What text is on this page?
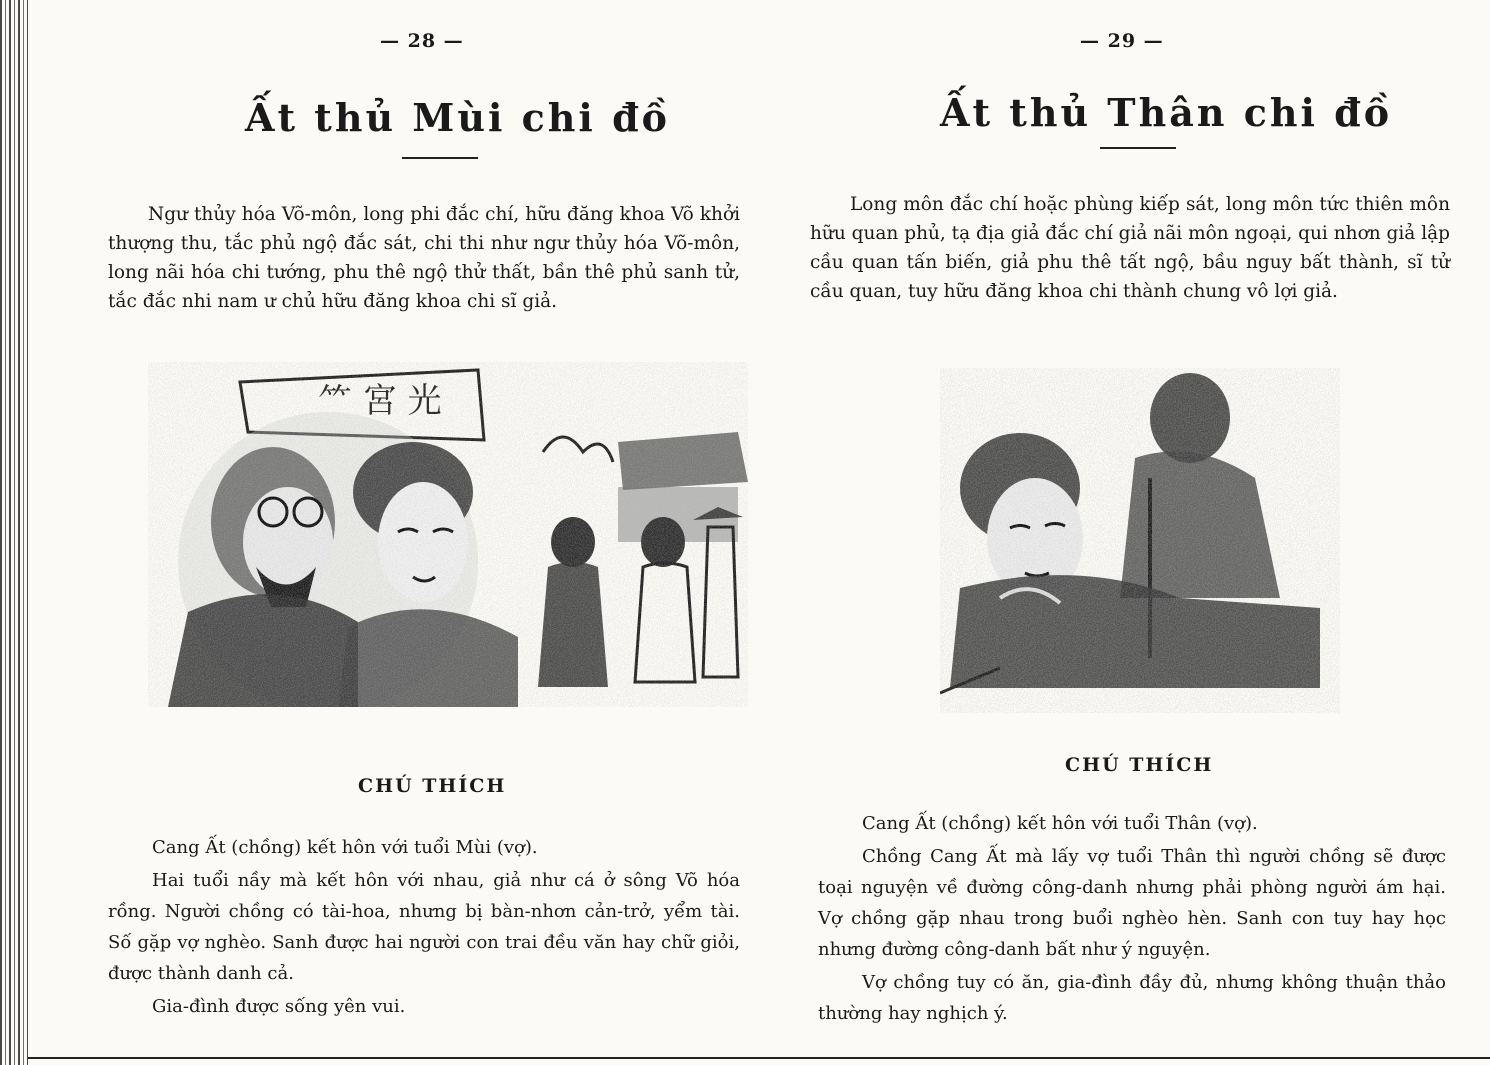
— 28 —
Ất thủ Mùi chi đồ
Ngư thủy hóa Võ-môn, long phi đắc chí, hữu đăng khoa Võ khởi thượng thu, tắc phủ ngộ đắc sát, chi thi như ngư thủy hóa Võ-môn, long nãi hóa chi tướng, phu thê ngộ thử thất, bần thê phủ sanh tử, tắc đắc nhi nam ư chủ hữu đăng khoa chi sĩ giả.
⺮ 宮 光
CHÚ THÍCH

Cang Ất (chồng) kết hôn với tuổi Mùi (vợ).

Hai tuổi nầy mà kết hôn với nhau, giả như cá ở sông Võ hóa rồng. Người chồng có tài-hoa, nhưng bị bàn-nhơn cản-trở, yểm tài. Số gặp vợ nghèo. Sanh được hai người con trai đều văn hay chữ giỏi, được thành danh cả.

Gia-đình được sống yên vui.

— 29 —
Ất thủ Thân chi đồ
Long môn đắc chí hoặc phùng kiếp sát, long môn tức thiên môn hữu quan phủ, tạ địa giả đắc chí giả nãi môn ngoại, qui nhơn giả lập cầu quan tấn biến, giả phu thê tất ngộ, bầu nguy bất thành, sĩ tử cầu quan, tuy hữu đăng khoa chi thành chung vô lợi giả.
CHÚ THÍCH

Cang Ất (chồng) kết hôn với tuổi Thân (vợ).

Chồng Cang Ất mà lấy vợ tuổi Thân thì người chồng sẽ được toại nguyện về đường công-danh nhưng phải phòng người ám hại. Vợ chồng gặp nhau trong buổi nghèo hèn. Sanh con tuy hay học nhưng đường công-danh bất như ý nguyện.

Vợ chồng tuy có ăn, gia-đình đầy đủ, nhưng không thuận thảo thường hay nghịch ý.
